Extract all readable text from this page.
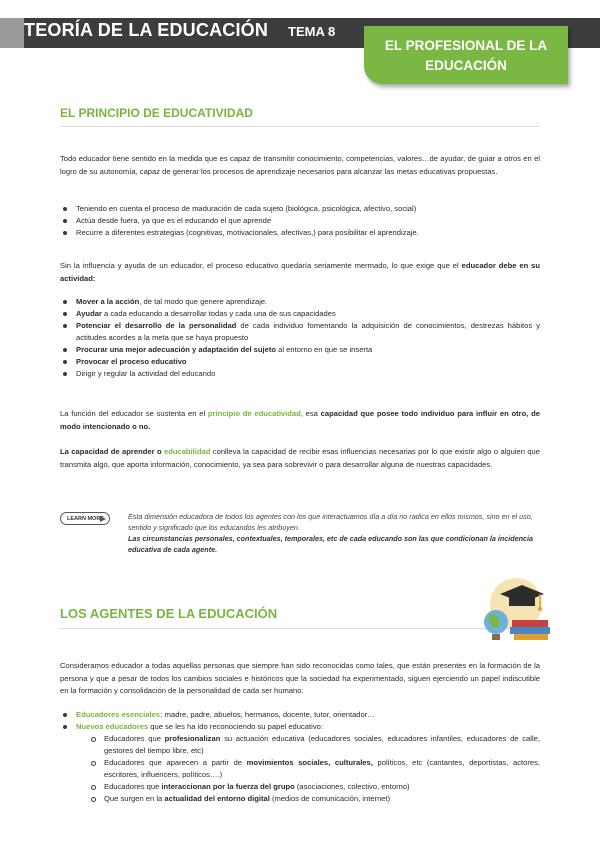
TEORÍA DE LA EDUCACIÓN TEMA 8
EL PROFESIONAL DE LA
EDUCACIÓN
EL PRINCIPIO DE EDUCATIVIDAD
Todo educador tiene sentido en la medida que es capaz de transmitir conocimiento, competencias, valores…de ayudar, de guiar a otros en el logro de su autonomía, capaz de generar los procesos de aprendizaje necesarios para alcanzar las metas educativas propuestas.
Teniendo en cuenta el proceso de maduración de cada sujeto (biológica, psicológica, afectivo, social)
Actúa desde fuera, ya que es el educando el que aprende
Recurre a diferentes estrategias (cognitivas, motivacionales, afectivas,) para posibilitar el aprendizaje.
Sin la influencia y ayuda de un educador, el proceso educativo quedaría seriamente mermado, lo que exige que el educador debe en su actividad:
Mover a la acción, de tal modo que genere aprendizaje.
Ayudar a cada educando a desarrollar todas y cada una de sus capacidades
Potenciar el desarrollo de la personalidad de cada individuo fomentando la adquisición de conocimientos, destrezas hábitos y actitudes acordes a la meta que se haya propuesto
Procurar una mejor adecuación y adaptación del sujeto al entorno en que se inserta
Provocar el proceso educativo
Dirigir y regular la actividad del educando
La función del educador se sustenta en el principio de educatividad, esa capacidad que posee todo individuo para influir en otro, de modo intencionado o no.
La capacidad de aprender o educabilidad conlleva la capacidad de recibir esas influencias necesarias por lo que existir algo o alguien que transmita algo, que aporta información, conocimiento, ya sea para sobrevivir o para desarrollar alguna de nuestras capacidades.
LEARN MORE	Esta dimensión educadora de todos los agentes con los que interactuamos día a día no radica en ellos mismos, sino en el uso, sentido y significado que los educandos les atribuyen.
Las circunstancias personales, contextuales, temporales, etc de cada educando son las que condicionan la incidencia educativa de cada agente.
LOS AGENTES DE LA EDUCACIÓN
Consideramos educador a todas aquellas personas que siempre han sido reconocidas como tales, que están presentes en la formación de la persona y que a pesar de todos los cambios sociales e históricos que la sociedad ha experimentado, siguen ejerciendo un papel indiscutible en la formación y consolidación de la personalidad de cada ser humano.
Educadores esenciales: madre, padre, abuelos, hermanos, docente, tutor, orientador…
Nuevos educadores que se les ha ido reconociendo su papel educativo:
Educadores que profesionalizan su actuación educativa (educadores sociales, educadores infantiles, educadores de calle, gestores del tiempo libre, etc)
Educadores que aparecen a partir de movimientos sociales, culturales, políticos, etc (cantantes, deportistas, actores, escritores, influencers, políticos….)
Educadores que interaccionan por la fuerza del grupo (asociaciones, colectivo, entorno)
Que surgen en la actualidad del entorno digital (medios de comunicación, internet)
